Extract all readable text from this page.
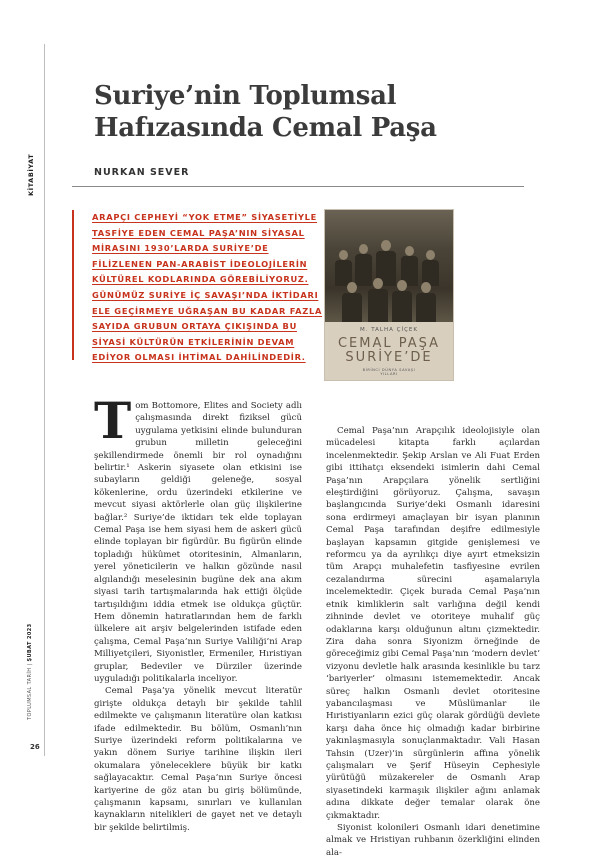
KİTABİYAT
TOPLUMSAL TARİH | ŞUBAT 2023
26
Suriye’nin Toplumsal Hafızasında Cemal Paşa
NURKAN SEVER

ARAPÇI CEPHEYİ “YOK ETME” SİYASETİYLE
TASFİYE EDEN CEMAL PAŞA’NIN SİYASAL
MİRASINI 1930’LARDA SURİYE’DE
FİLİZLENEN PAN-ARABİST İDEOLOJİLERİN
KÜLTÜREL KODLARINDA GÖREBİLİYORUZ.
GÜNÜMÜZ SURİYE İÇ SAVAŞI’NDA İKTİDARI
ELE GEÇİRMEYE UĞRAŞAN BU KADAR FAZLA
SAYIDA GRUBUN ORTAYA ÇIKIŞINDA BU
SİYASİ KÜLTÜRÜN ETKİLERİNİN DEVAM
EDİYOR OLMASI İHTİMAL DAHİLİNDEDİR.

M. TALHA ÇİÇEK
CEMAL PAŞA
SURİYE’DE
BİRİNCİ DÜNYA SAVAŞI
YILLARI

Tom Bottomore, Elites and Society adlı çalışmasında direkt fiziksel gücü uygulama yetkisini elinde bulunduran grubun milletin geleceğini şekillendirmede önemli bir rol oynadığını belirtir.¹ Askerin siyasete olan etkisini ise subayların geldiği geleneğe, sosyal kökenlerine, ordu üzerindeki etkilerine ve mevcut siyasi aktörlerle olan güç ilişkilerine bağlar.² Suriye’de iktidarı tek elde toplayan Cemal Paşa ise hem siyasi hem de askeri gücü elinde toplayan bir figürdür. Bu figürün elinde topladığı hükûmet otoritesinin, Almanların, yerel yöneticilerin ve halkın gözünde nasıl algılandığı meselesinin bugüne dek ana akım siyasi tarih tartışmalarında hak ettiği ölçüde tartışıldığını iddia etmek ise oldukça güçtür. Hem dönemin hatıratlarından hem de farklı ülkelere ait arşiv belgelerinden istifade eden çalışma, Cemal Paşa’nın Suriye Valiliği’ni Arap Milliyetçileri, Siyonistler, Ermeniler, Hıristiyan gruplar, Bedeviler ve Dürziler üzerinde uyguladığı politikalarla inceliyor.

Cemal Paşa’ya yönelik mevcut literatür girişte oldukça detaylı bir şekilde tahlil edilmekte ve çalışmanın literatüre olan katkısı ifade edilmektedir. Bu bölüm, Osmanlı’nın Suriye üzerindeki reform politikalarına ve yakın dönem Suriye tarihine ilişkin ileri okumalara yöneleceklere büyük bir katkı sağlayacaktır. Cemal Paşa’nın Suriye öncesi kariyerine de göz atan bu giriş bölümünde, çalışmanın kapsamı, sınırları ve kullanılan kaynakların nitelikleri de gayet net ve detaylı bir şekilde belirtilmiş.

Cemal Paşa’nın Arapçılık ideolojisiyle olan mücadelesi kitapta farklı açılardan incelenmektedir. Şekip Arslan ve Ali Fuat Erden gibi ittihatçı eksendeki isimlerin dahi Cemal Paşa’nın Arapçılara yönelik sertliğini eleştirdiğini görüyoruz. Çalışma, savaşın başlangıcında Suriye’deki Osmanlı idaresini sona erdirmeyi amaçlayan bir isyan planının Cemal Paşa tarafından deşifre edilmesiyle başlayan kapsamın gitgide genişlemesi ve reformcu ya da ayrılıkçı diye ayırt etmeksizin tüm Arapçı muhalefetin tasfiyesine evrilen cezalandırma sürecini aşamalarıyla incelemektedir. Çiçek burada Cemal Paşa’nın etnik kimliklerin salt varlığına değil kendi zihninde devlet ve otoriteye muhalif güç odaklarına karşı olduğunun altını çizmektedir. Zira daha sonra Siyonizm örneğinde de göreceğimiz gibi Cemal Paşa’nın ‘modern devlet’ vizyonu devletle halk arasında kesinlikle bu tarz ‘bariyerler’ olmasını istememektedir. Ancak süreç halkın Osmanlı devlet otoritesine yabancılaşması ve Müslümanlar ile Hıristiyanların ezici güç olarak gördüğü devlete karşı daha önce hiç olmadığı kadar birbirine yakınlaşmasıyla sonuçlanmaktadır. Vali Hasan Tahsin (Uzer)’in sürgünlerin affına yönelik çalışmaları ve Şerif Hüseyin Cephesiyle yürütüğü müzakereler de Osmanlı Arap siyasetindeki karmaşık ilişkiler ağını anlamak adına dikkate değer temalar olarak öne çıkmaktadır.

Siyonist kolonileri Osmanlı idari denetimine almak ve Hristiyan ruhbanın özerkliğini elinden ala-
